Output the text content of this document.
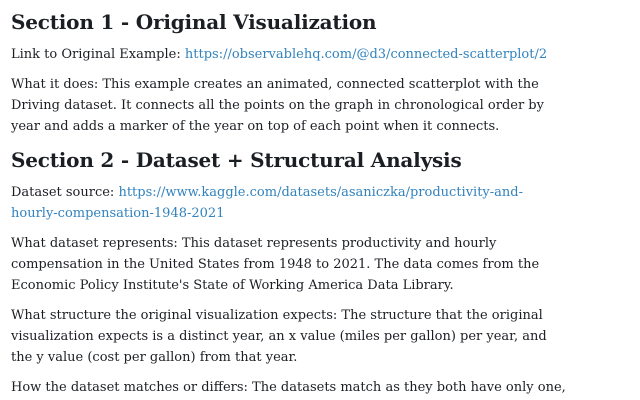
Section 1 - Original Visualization

Link to Original Example: https://observablehq.com/@d3/connected-scatterplot/2

What it does: This example creates an animated, connected scatterplot with the
Driving dataset. It connects all the points on the graph in chronological order by
year and adds a marker of the year on top of each point when it connects.

Section 2 - Dataset + Structural Analysis

Dataset source: https://www.kaggle.com/datasets/asaniczka/productivity-and-
hourly-compensation-1948-2021

What dataset represents: This dataset represents productivity and hourly
compensation in the United States from 1948 to 2021. The data comes from the
Economic Policy Institute's State of Working America Data Library.

What structure the original visualization expects: The structure that the original
visualization expects is a distinct year, an x value (miles per gallon) per year, and
the y value (cost per gallon) from that year.

How the dataset matches or differs: The datasets match as they both have only one,
